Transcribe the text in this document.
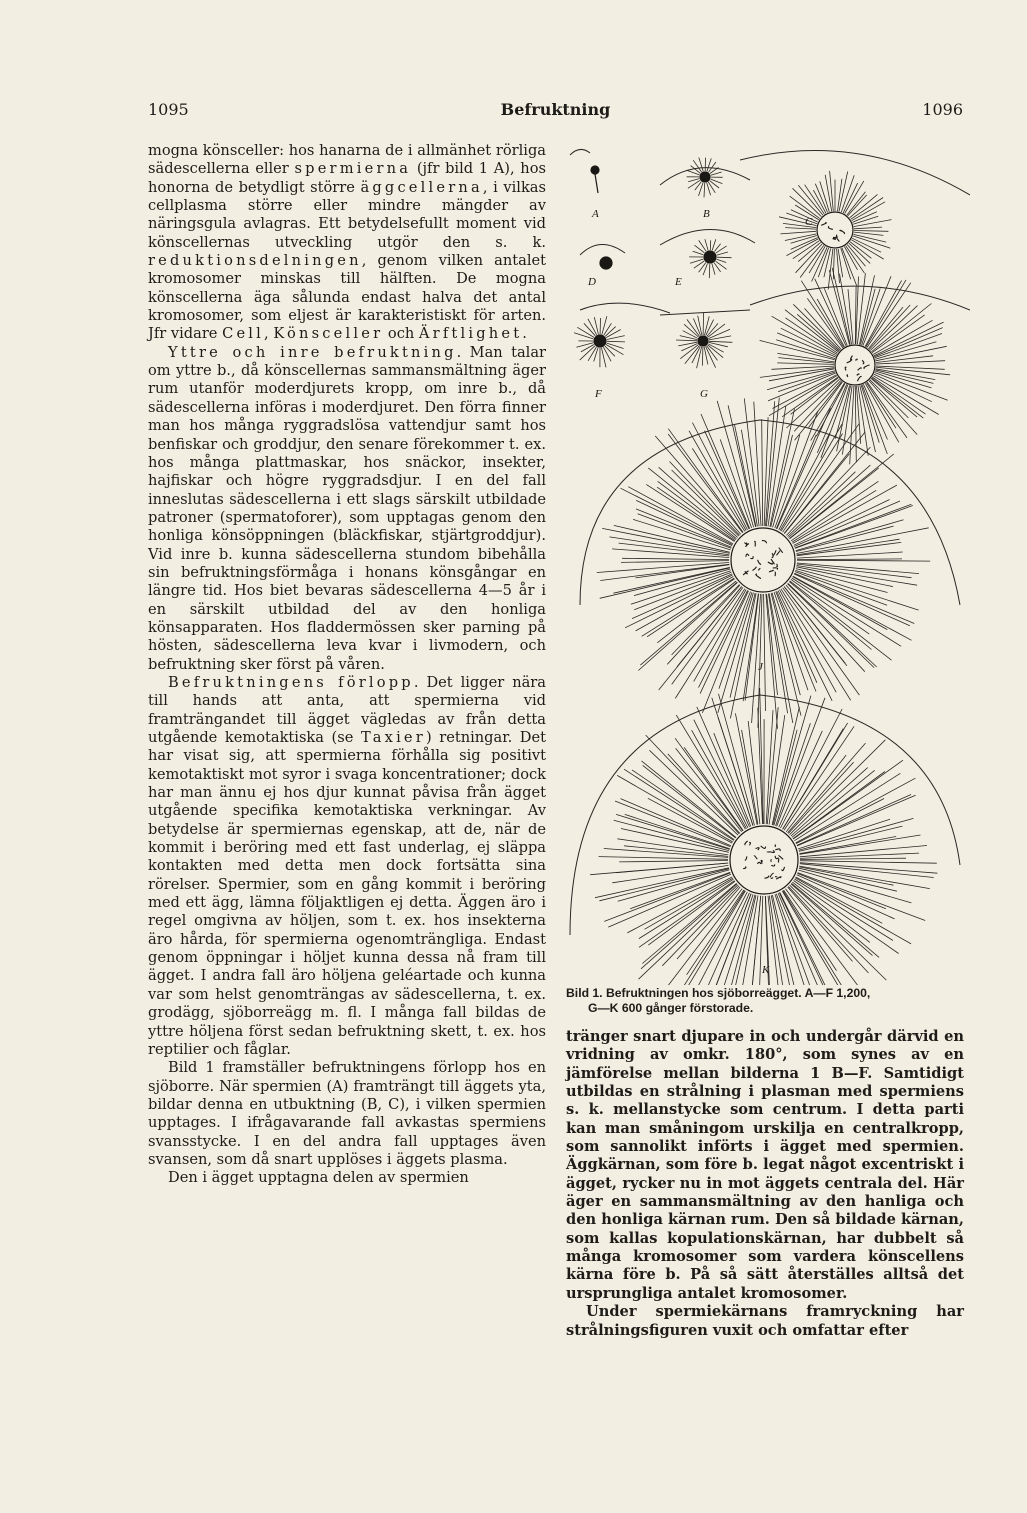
1095	Befruktning	1096

mogna könsceller: hos hanarna de i allmänhet rörliga sädescellerna eller spermierna (jfr bild 1 A), hos honorna de betydligt större äggcellerna, i vilkas cellplasma större eller mindre mängder av näringsgula avlagras. Ett betydelsefullt moment vid könscellernas utveckling utgör den s. k. reduktionsdelningen, genom vilken antalet kromosomer minskas till hälften. De mogna könscellerna äga sålunda endast halva det antal kromosomer, som eljest är karakteristiskt för arten. Jfr vidare Cell, Könsceller och Ärftlighet.

Yttre och inre befruktning. Man talar om yttre b., då könscellernas sammansmältning äger rum utanför moderdjurets kropp, om inre b., då sädescellerna införas i moderdjuret. Den förra finner man hos många ryggradslösa vattendjur samt hos benfiskar och groddjur, den senare förekommer t. ex. hos många plattmaskar, hos snäckor, insekter, hajfiskar och högre ryggradsdjur. I en del fall inneslutas sädescellerna i ett slags särskilt utbildade patroner (spermatoforer), som upptagas genom den honliga könsöppningen (bläckfiskar, stjärtgroddjur). Vid inre b. kunna sädescellerna stundom bibehålla sin befruktningsförmåga i honans könsgångar en längre tid. Hos biet bevaras sädescellerna 4—5 år i en särskilt utbildad del av den honliga könsapparaten. Hos fladdermössen sker parning på hösten, sädescellerna leva kvar i livmodern, och befruktning sker först på våren.

Befruktningens förlopp. Det ligger nära till hands att anta, att spermierna vid framträngandet till ägget vägledas av från detta utgående kemotaktiska (se Taxier) retningar. Det har visat sig, att spermierna förhålla sig positivt kemotaktiskt mot syror i svaga koncentrationer; dock har man ännu ej hos djur kunnat påvisa från ägget utgående specifika kemotaktiska verkningar. Av betydelse är spermiernas egenskap, att de, när de kommit i beröring med ett fast underlag, ej släppa kontakten med detta men dock fortsätta sina rörelser. Spermier, som en gång kommit i beröring med ett ägg, lämna följaktligen ej detta. Äggen äro i regel omgivna av höljen, som t. ex. hos insekterna äro hårda, för spermierna ogenomträngliga. Endast genom öppningar i höljet kunna dessa nå fram till ägget. I andra fall äro höljena geléartade och kunna var som helst genomträngas av sädescellerna, t. ex. grodägg, sjöborreägg m. fl. I många fall bildas de yttre höljena först sedan befruktning skett, t. ex. hos reptilier och fåglar.

Bild 1 framställer befruktningens förlopp hos en sjöborre. När spermien (A) framträngt till äggets yta, bildar denna en utbuktning (B, C), i vilken spermien upptages. I ifrågavarande fall avkastas spermiens svansstycke. I en del andra fall upptages även svansen, som då snart upplöses i äggets plasma.

Den i ägget upptagna delen av spermien

A	B
C
D	E
F	G
J
K
Bild 1. Befruktningen hos sjöborreägget. A—F 1,200,
G—K 600 gånger förstorade.

tränger snart djupare in och undergår därvid en vridning av omkr. 180°, som synes av en jämförelse mellan bilderna 1 B—F. Samtidigt utbildas en strålning i plasman med spermiens s. k. mellanstycke som centrum. I detta parti kan man småningom urskilja en centralkropp, som sannolikt införts i ägget med spermien. Äggkärnan, som före b. legat något excentriskt i ägget, rycker nu in mot äggets centrala del. Här äger en sammansmältning av den hanliga och den honliga kärnan rum. Den så bildade kärnan, som kallas kopulationskärnan, har dubbelt så många kromosomer som vardera könscellens kärna före b. På så sätt återställes alltså det ursprungliga antalet kromosomer.

Under spermiekärnans framryckning har strålningsfiguren vuxit och omfattar efter
